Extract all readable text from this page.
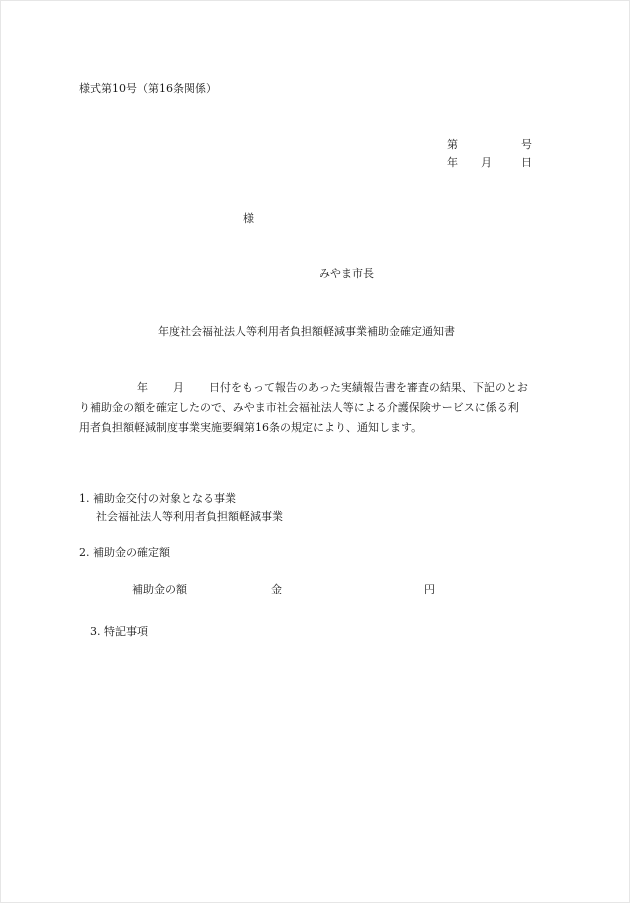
様式第10号（第16条関係）
第	号
年 月	日
様
みやま市長
年度社会福祉法人等利用者負担額軽減事業補助金確定通知書
年 月 日付をもって報告のあった実績報告書を審査の結果、下記のとお
り補助金の額を確定したので、みやま市社会福祉法人等による介護保険サービスに係る利
用者負担額軽減制度事業実施要綱第16条の規定により、通知します。
1. 補助金交付の対象となる事業
社会福祉法人等利用者負担額軽減事業
2. 補助金の確定額
補助金の額	金	円
3. 特記事項
